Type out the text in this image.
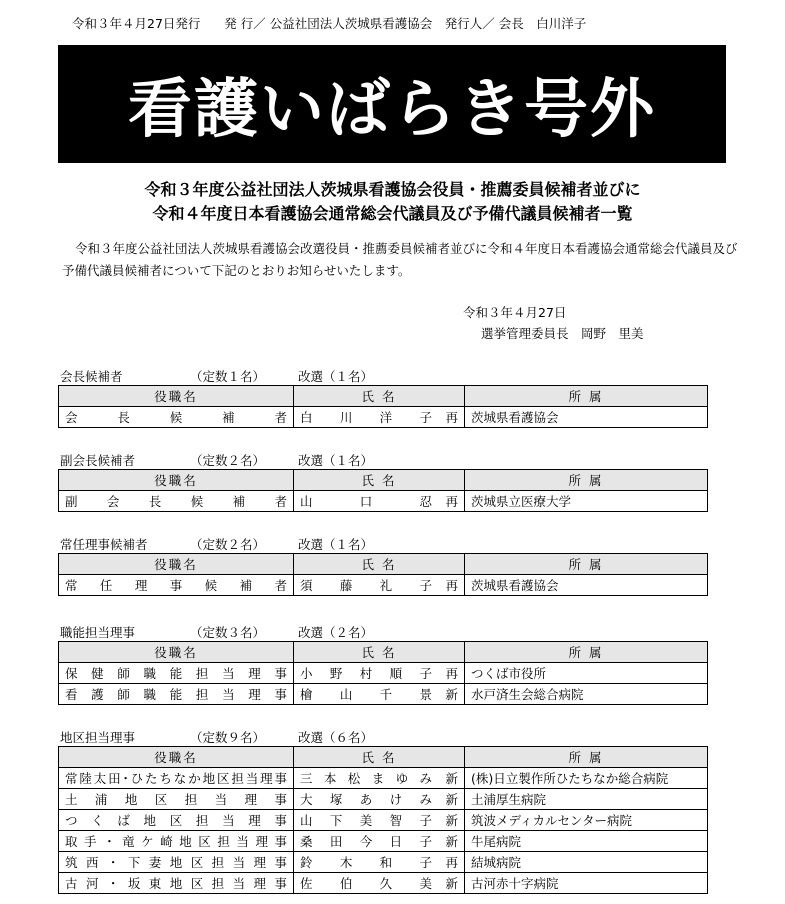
令和３年４月27日発行 発 行／ 公益社団法人茨城県看護協会　 発行人／ 会長　白川洋子
看護いばらき号外
令和３年度公益社団法人茨城県看護協会役員・推薦委員候補者並びに
令和４年度日本看護協会通常総会代議員及び予備代議員候補者一覧
令和３年度公益社団法人茨城県看護協会改選役員・推薦委員候補者並びに令和４年度日本看護協会通常総会代議員及び予備代議員候補者について下記のとおりお知らせいたします。
令和３年４月27日
選挙管理委員長　岡野　里美
会長候補者	（定数１名）	改選（１名）
役職名	氏 名	所 属

会長候補者	白川洋子 再	茨城県看護協会
副会長候補者	（定数２名）	改選（１名）
役職名	氏 名	所 属

副会長候補者	山口忍 再	茨城県立医療大学
常任理事候補者	（定数２名）	改選（１名）
役職名	氏 名	所 属

常任理事候補者	須藤礼子 再	茨城県看護協会
職能担当理事	（定数３名）	改選（２名）
役職名	氏 名	所 属

保健師職能担当理事	小野村順子 再	つくば市役所

看護師職能担当理事	檜山千景 新	水戸済生会総合病院
地区担当理事	（定数９名）	改選（６名）
役職名	氏 名	所 属

常陸太田･ひたちなか地区担当理事	三本松まゆみ 新	(株)日立製作所ひたちなか総合病院

土浦地区担当理事	大塚あけみ 新	土浦厚生病院

つくば地区担当理事	山下美智子 新	筑波メディカルセンター病院

取手・竜ケ崎地区担当理事	桑田今日子 新	牛尾病院

筑西・下妻地区担当理事	鈴木和子 再	結城病院

古河・坂東地区担当理事	佐伯久美 新	古河赤十字病院
